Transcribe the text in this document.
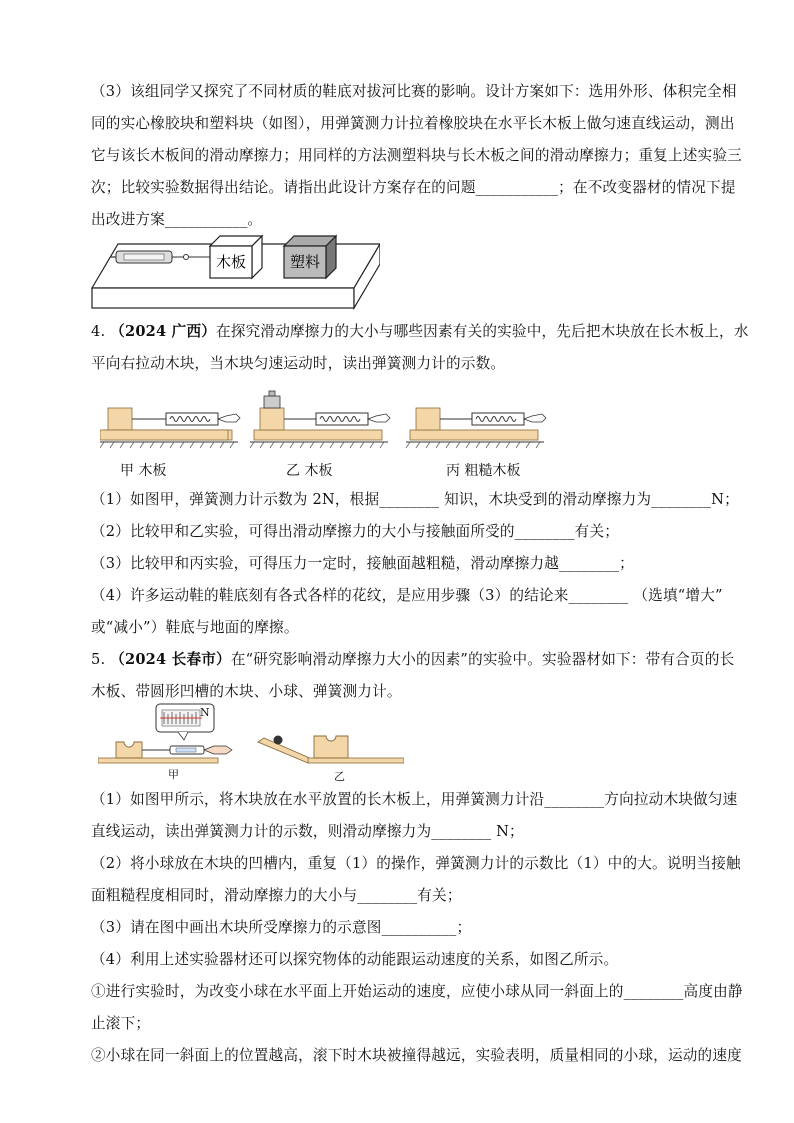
（3）该组同学又探究了不同材质的鞋底对拔河比赛的影响。设计方案如下：选用外形、体积完全相
同的实心橡胶块和塑料块（如图），用弹簧测力计拉着橡胶块在水平长木板上做匀速直线运动，测出
它与该长木板间的滑动摩擦力；用同样的方法测塑料块与长木板之间的滑动摩擦力；重复上述实验三
次；比较实验数据得出结论。请指出此设计方案存在的问题___________；在不改变器材的情况下提
出改进方案___________。
木板	塑料
4. （2024 广西）在探究滑动摩擦力的大小与哪些因素有关的实验中，先后把木块放在长木板上，水
平向右拉动木块，当木块匀速运动时，读出弹簧测力计的示数。
甲 木板	乙 木板	丙 粗糙木板
（1）如图甲，弹簧测力计示数为 2N，根据________ 知识，木块受到的滑动摩擦力为________N；
（2）比较甲和乙实验，可得出滑动摩擦力的大小与接触面所受的________有关；
（3）比较甲和丙实验，可得压力一定时，接触面越粗糙，滑动摩擦力越________；
（4）许多运动鞋的鞋底刻有各式各样的花纹，是应用步骤（3）的结论来________ （选填“增大”
或“减小”）鞋底与地面的摩擦。
5. （2024 长春市）在“研究影响滑动摩擦力大小的因素”的实验中。实验器材如下：带有合页的长
木板、带圆形凹槽的木块、小球、弹簧测力计。
N
甲	乙
（1）如图甲所示，将木块放在水平放置的长木板上，用弹簧测力计沿________方向拉动木块做匀速
直线运动，读出弹簧测力计的示数，则滑动摩擦力为________ N；
（2）将小球放在木块的凹槽内，重复（1）的操作，弹簧测力计的示数比（1）中的大。说明当接触
面粗糙程度相同时，滑动摩擦力的大小与________有关；
（3）请在图中画出木块所受摩擦力的示意图__________；
（4）利用上述实验器材还可以探究物体的动能跟运动速度的关系，如图乙所示。
①进行实验时，为改变小球在水平面上开始运动的速度，应使小球从同一斜面上的________高度由静
止滚下；
②小球在同一斜面上的位置越高，滚下时木块被撞得越远，实验表明，质量相同的小球，运动的速度
